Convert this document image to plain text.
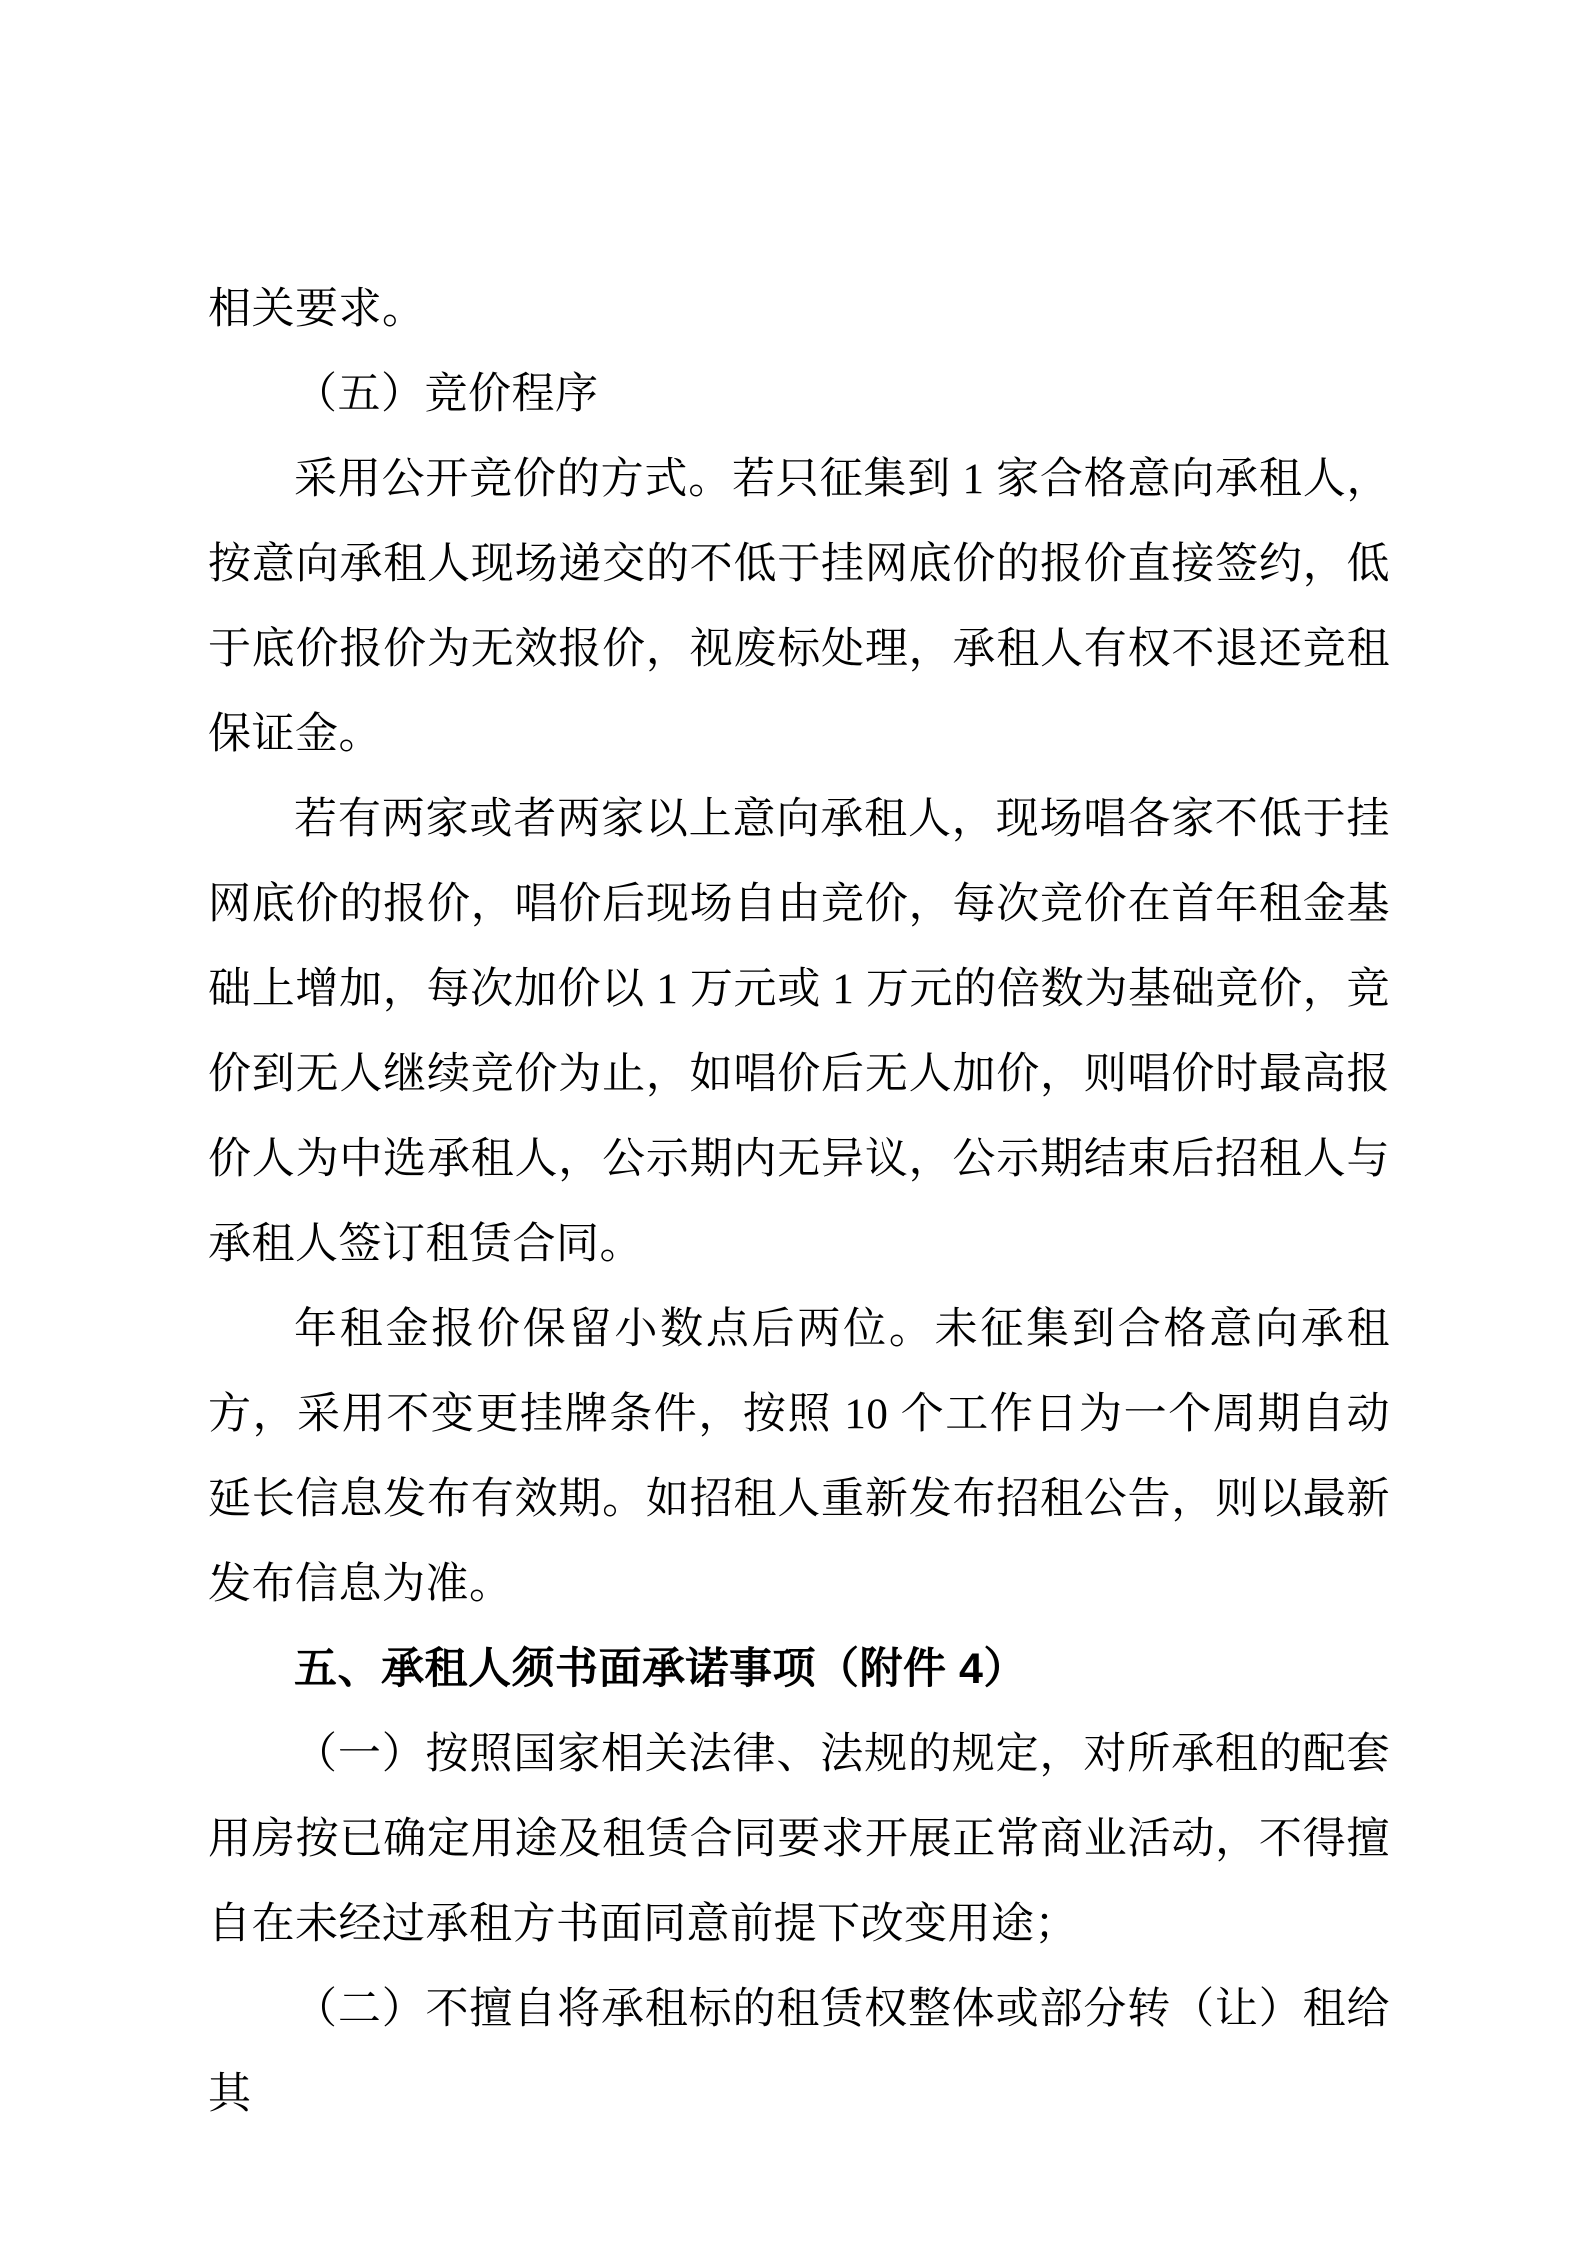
相关要求。

（五）竞价程序

采用公开竞价的方式。若只征集到 1 家合格意向承租人，按意向承租人现场递交的不低于挂网底价的报价直接签约，低于底价报价为无效报价，视废标处理，承租人有权不退还竞租保证金。

若有两家或者两家以上意向承租人，现场唱各家不低于挂网底价的报价，唱价后现场自由竞价，每次竞价在首年租金基础上增加，每次加价以 1 万元或 1 万元的倍数为基础竞价，竞价到无人继续竞价为止，如唱价后无人加价，则唱价时最高报价人为中选承租人，公示期内无异议，公示期结束后招租人与承租人签订租赁合同。

年租金报价保留小数点后两位。未征集到合格意向承租方，采用不变更挂牌条件，按照 10 个工作日为一个周期自动延长信息发布有效期。如招租人重新发布招租公告，则以最新发布信息为准。

五、承租人须书面承诺事项（附件 4）

（一）按照国家相关法律、法规的规定，对所承租的配套用房按已确定用途及租赁合同要求开展正常商业活动，不得擅自在未经过承租方书面同意前提下改变用途；

（二）不擅自将承租标的租赁权整体或部分转（让）租给其
